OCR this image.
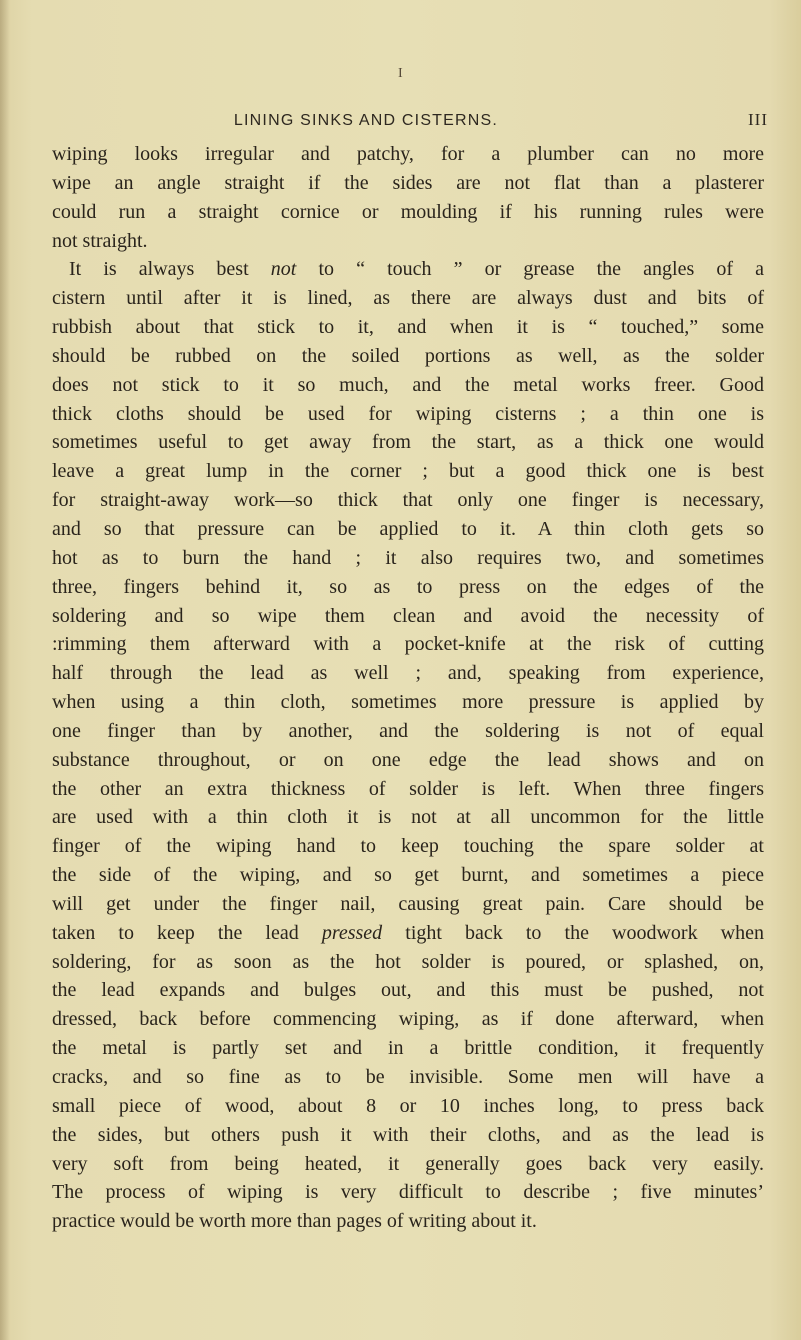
I
LINING SINKS AND CISTERNS.	III
wiping looks irregular and patchy, for a plumber can no more
wipe an angle straight if the sides are not flat than a plasterer
could run a straight cornice or moulding if his running rules were
not straight.
It is always best not to “ touch ” or grease the angles of a
cistern until after it is lined, as there are always dust and bits of
rubbish about that stick to it, and when it is “ touched,” some
should be rubbed on the soiled portions as well, as the solder
does not stick to it so much, and the metal works freer. Good
thick cloths should be used for wiping cisterns ; a thin one is
sometimes useful to get away from the start, as a thick one would
leave a great lump in the corner ; but a good thick one is best
for straight-away work—so thick that only one finger is necessary,
and so that pressure can be applied to it. A thin cloth gets so
hot as to burn the hand ; it also requires two, and sometimes
three, fingers behind it, so as to press on the edges of the
soldering and so wipe them clean and avoid the necessity of
:rimming them afterward with a pocket-knife at the risk of cutting
half through the lead as well ; and, speaking from experience,
when using a thin cloth, sometimes more pressure is applied by
one finger than by another, and the soldering is not of equal
substance throughout, or on one edge the lead shows and on
the other an extra thickness of solder is left. When three fingers
are used with a thin cloth it is not at all uncommon for the little
finger of the wiping hand to keep touching the spare solder at
the side of the wiping, and so get burnt, and sometimes a piece
will get under the finger nail, causing great pain. Care should be
taken to keep the lead pressed tight back to the woodwork when
soldering, for as soon as the hot solder is poured, or splashed, on,
the lead expands and bulges out, and this must be pushed, not
dressed, back before commencing wiping, as if done afterward, when
the metal is partly set and in a brittle condition, it frequently
cracks, and so fine as to be invisible. Some men will have a
small piece of wood, about 8 or 10 inches long, to press back
the sides, but others push it with their cloths, and as the lead is
very soft from being heated, it generally goes back very easily.
The process of wiping is very difficult to describe ; five minutes’
practice would be worth more than pages of writing about it.
